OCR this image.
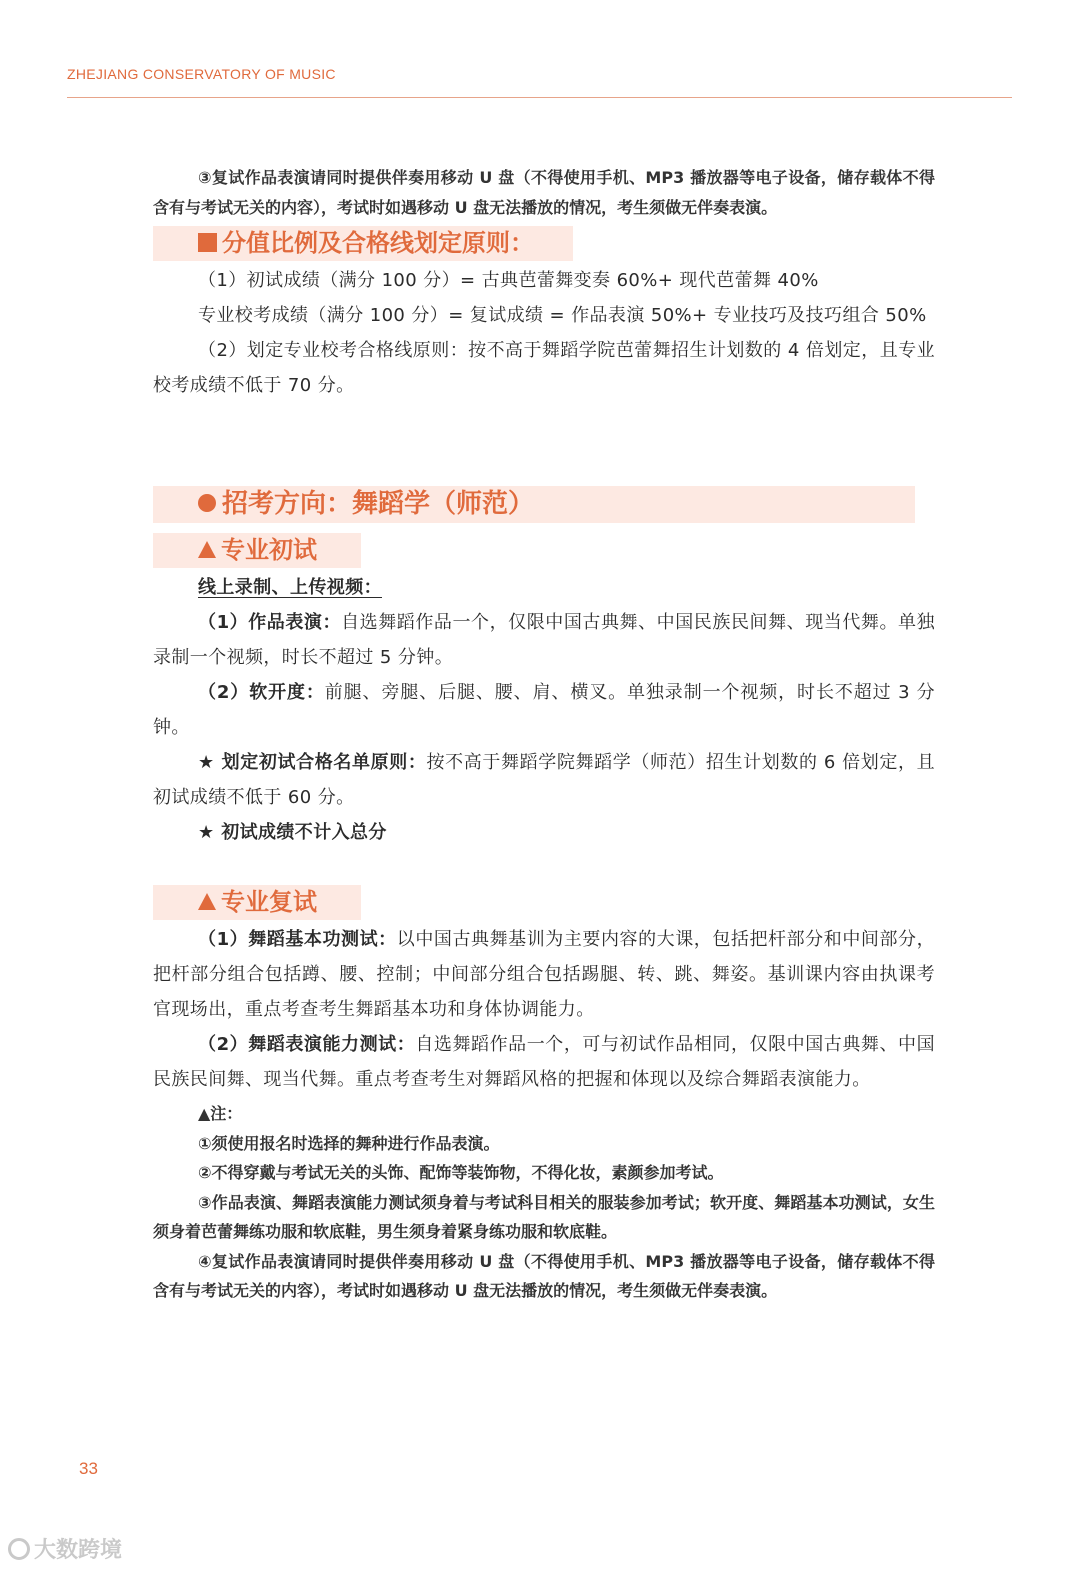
ZHEJIANG CONSERVATORY OF MUSIC

③复试作品表演请同时提供伴奏用移动 U 盘（不得使用手机、MP3 播放器等电子设备，储存载体不得含有与考试无关的内容），考试时如遇移动 U 盘无法播放的情况，考生须做无伴奏表演。

分值比例及合格线划定原则：

（1）初试成绩（满分 100 分）= 古典芭蕾舞变奏 60%+ 现代芭蕾舞 40%

专业校考成绩（满分 100 分）= 复试成绩 = 作品表演 50%+ 专业技巧及技巧组合 50%

（2）划定专业校考合格线原则：按不高于舞蹈学院芭蕾舞招生计划数的 4 倍划定，且专业校考成绩不低于 70 分。

招考方向：舞蹈学（师范）
专业初试

线上录制、上传视频：

（1）作品表演：自选舞蹈作品一个，仅限中国古典舞、中国民族民间舞、现当代舞。单独录制一个视频，时长不超过 5 分钟。

（2）软开度：前腿、旁腿、后腿、腰、肩、横叉。单独录制一个视频，时长不超过 3 分钟。

★ 划定初试合格名单原则：按不高于舞蹈学院舞蹈学（师范）招生计划数的 6 倍划定，且初试成绩不低于 60 分。

★ 初试成绩不计入总分

专业复试

（1）舞蹈基本功测试：以中国古典舞基训为主要内容的大课，包括把杆部分和中间部分，把杆部分组合包括蹲、腰、控制；中间部分组合包括踢腿、转、跳、舞姿。基训课内容由执课考官现场出，重点考查考生舞蹈基本功和身体协调能力。

（2）舞蹈表演能力测试：自选舞蹈作品一个，可与初试作品相同，仅限中国古典舞、中国民族民间舞、现当代舞。重点考查考生对舞蹈风格的把握和体现以及综合舞蹈表演能力。

▲注：

①须使用报名时选择的舞种进行作品表演。

②不得穿戴与考试无关的头饰、配饰等装饰物，不得化妆，素颜参加考试。

③作品表演、舞蹈表演能力测试须身着与考试科目相关的服装参加考试；软开度、舞蹈基本功测试，女生须身着芭蕾舞练功服和软底鞋，男生须身着紧身练功服和软底鞋。

④复试作品表演请同时提供伴奏用移动 U 盘（不得使用手机、MP3 播放器等电子设备，储存载体不得含有与考试无关的内容），考试时如遇移动 U 盘无法播放的情况，考生须做无伴奏表演。

33
大数跨境
